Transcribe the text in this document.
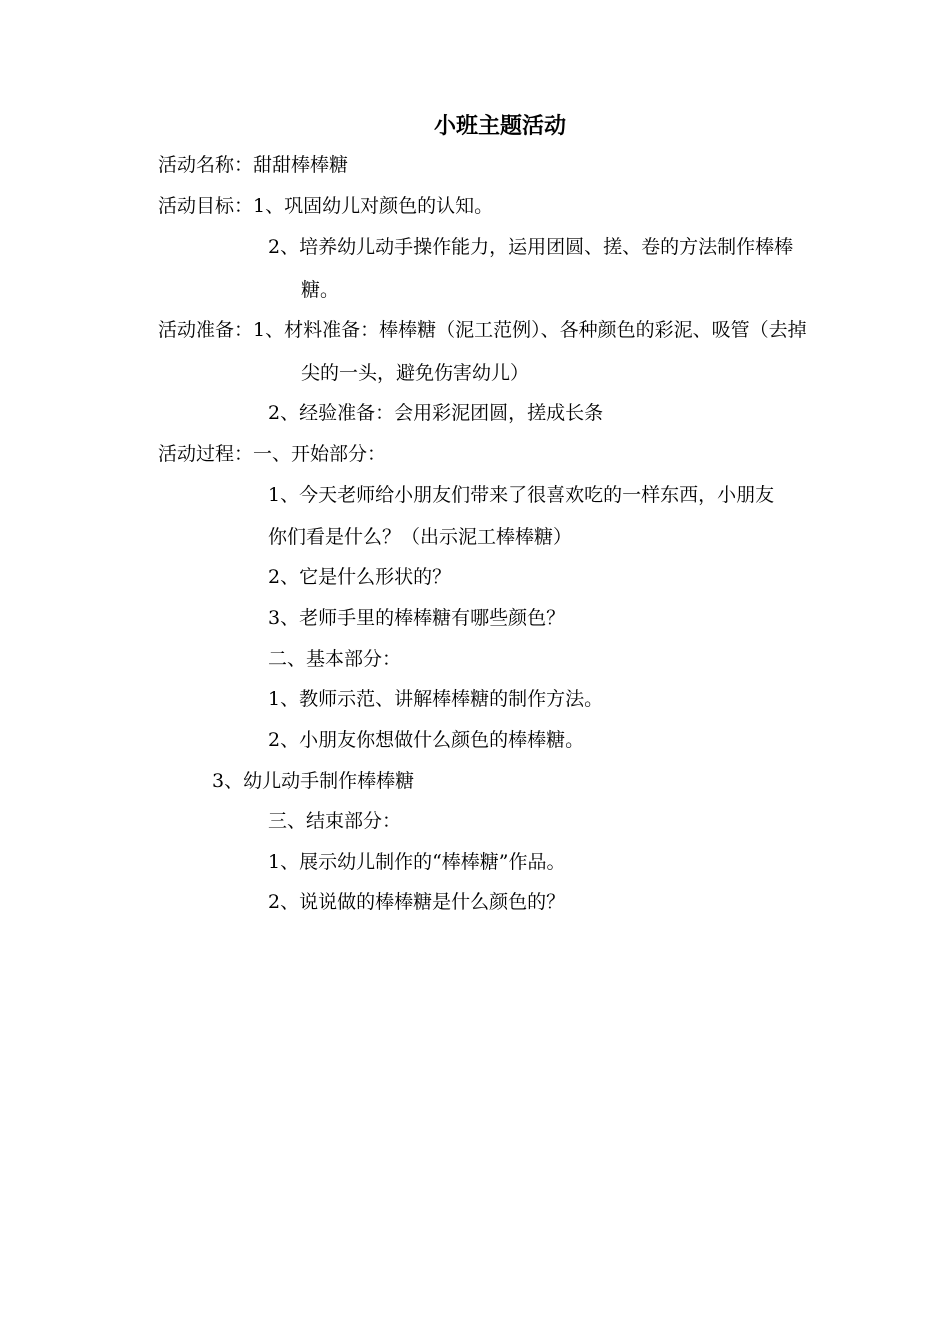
小班主题活动
活动名称：甜甜棒棒糖
活动目标：1、巩固幼儿对颜色的认知。
2、培养幼儿动手操作能力，运用团圆、搓、卷的方法制作棒棒
糖。
活动准备：1、材料准备：棒棒糖（泥工范例）、各种颜色的彩泥、吸管（去掉
尖的一头，避免伤害幼儿）
2、经验准备：会用彩泥团圆，搓成长条
活动过程：一、开始部分：
1、今天老师给小朋友们带来了很喜欢吃的一样东西，小朋友
你们看是什么？（出示泥工棒棒糖）
2、它是什么形状的？
3、老师手里的棒棒糖有哪些颜色？
二、基本部分：
1、教师示范、讲解棒棒糖的制作方法。
2、小朋友你想做什么颜色的棒棒糖。
3、幼儿动手制作棒棒糖
三、结束部分：
1、展示幼儿制作的“棒棒糖”作品。
2、说说做的棒棒糖是什么颜色的？
